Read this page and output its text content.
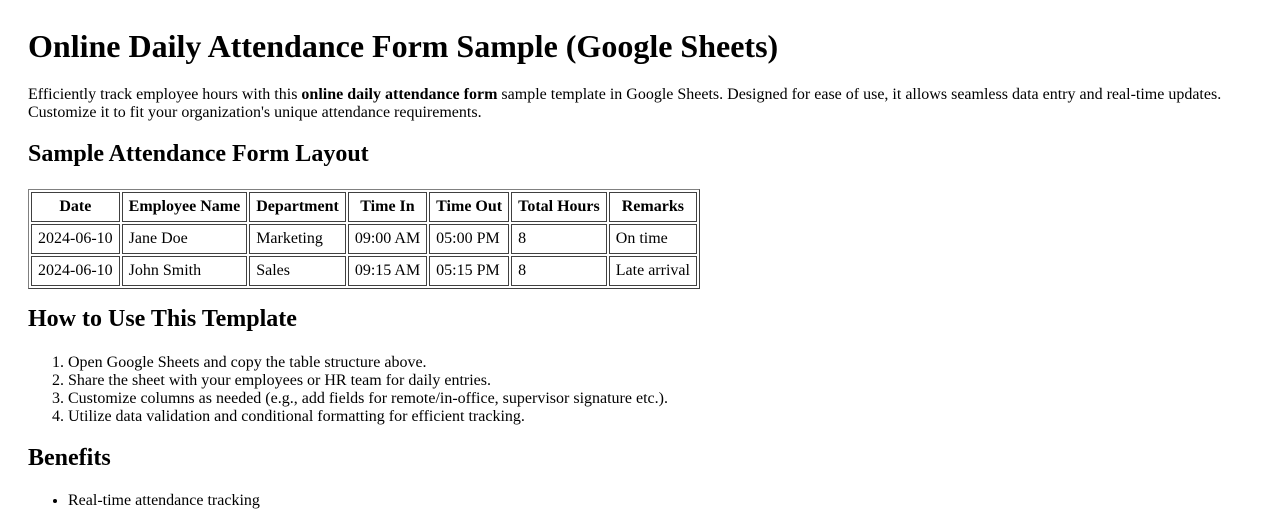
Online Daily Attendance Form Sample (Google Sheets)

Efficiently track employee hours with this online daily attendance form sample template in Google Sheets. Designed for ease of use, it allows seamless data entry and real-time updates. Customize it to fit your organization's unique attendance requirements.

Sample Attendance Form Layout
Date	Employee Name	Department	Time In	Time Out	Total Hours	Remarks
2024-06-10	Jane Doe	Marketing	09:00 AM	05:00 PM	8	On time
2024-06-10	John Smith	Sales	09:15 AM	05:15 PM	8	Late arrival
How to Use This Template
1. Open Google Sheets and copy the table structure above.
2. Share the sheet with your employees or HR team for daily entries.
3. Customize columns as needed (e.g., add fields for remote/in-office, supervisor signature etc.).
4. Utilize data validation and conditional formatting for efficient tracking.
Benefits
• Real-time attendance tracking
